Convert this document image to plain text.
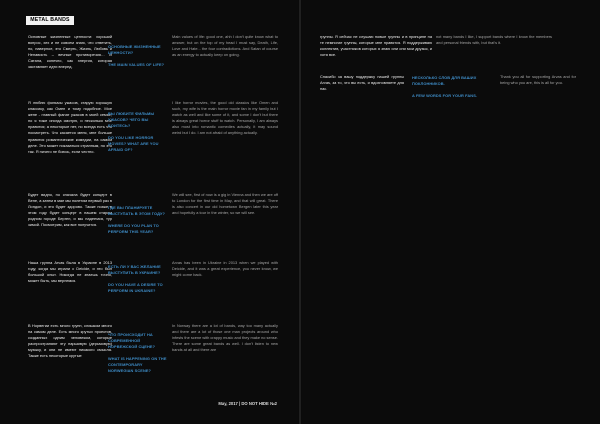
METAL BANDS
Основные жизненные ценности: хороший вопрос, хех и не совсем знаю, что ответить, но, наверное, это Смерть, Жизнь, Любовь и Ненависть – вечные противоречия… И Сатана, конечно, как энергия, которая заставляет идти вперед.
ОСНОВНЫЕ ЖИЗНЕННЫЕ ЦЕННОСТИ?
THE MAIN VALUES OF LIFE?
Main values of life: good one, ahh I don't quite know what to answer, but on the top of my head I must say, Death, Life, Love and Hate... the four contradictions. And Satan of course as an energy to actually keep on going.
Я люблю фильмы ужасов, старую хорошую классику, как Омен и тому подобное. Мое жене - главный фанат ужасов в моей семье, но я тоже иногда смотрю, и несколько мне нравятся; а некоторые нет, но всегда есть что посмотреть. Что касается меня, мне больше нравятся романтические комедии, на самом деле. Это может показаться странным, но это так. Я ничего не боюсь, если честно.
ВЫ ЛЮБИТЕ ФИЛЬМЫ УЖАСОВ? ЧЕГО ВЫ БОИТЕСЬ?
DO YOU LIKE HORROR MOVIES? WHAT ARE YOU AFRAID OF?
I like horror movies, the good old classics like Omen and such, my wife is the main horror movie fan in my family but I watch as well and like some of it, and some I don't but there is always great horror stuff to watch. Personally, I am always also most into romantic comedies actually, it may sound weird but I do. I am not afraid of anything actually.
Будет видно, но сначала будет концерт в Вене, а затем в мае мы полетим первый раз в Лондон, и это будет здорово. Также позже в этом году будет концерт в нашем старом родном городе Берген, и мы надеемся, тур зимой. Посмотрим, как все получится.
ГДЕ ВЫ ПЛАНИРУЕТЕ ВЫСТУПАТЬ В ЭТОМ ГОДУ?
WHERE DO YOU PLAN TO PERFORM THIS YEAR?
We will see, first of now is a gig in Vienna and then we are off to London for the first time in May, and that will great. There is also concert in our old hometown Bergen later this year and hopefully a tour in the winter, so we will see.
Наша группа Arvas была в Украине в 2013 году, когда мы играли с Deicide, и это был большой опыт. Никогда не знаешь точно, может быть, мы вернемся.
ЕСТЬ ЛИ У ВАС ЖЕЛАНИЕ ВЫСТУПИТЬ В УКРАИНЕ?
DO YOU HAVE A DESIRE TO PERFORM IN UKRAINE?
Arvas has been in Ukraine in 2013 when we played with Deicide, and it was a great experience, you never know, we might come back.
В Норвегии есть много групп, слишком много на самом деле. Есть много крутых проектов, созданных одним человеком, которые распространяют эту паршивую (дерьмовую) музыку, и они не имеют никакого смысла. Также есть некоторые крутые
ЧТО ПРОИСХОДИТ НА СОВРЕМЕННОЙ НОРВЕЖСКОЙ СЦЕНЕ?
WHAT IS HAPPENING ON THE CONTEMPORARY NORWEGIAN SCENE?
In Norway there are a lot of bands, way too many actually and there are a lot of those one man projects around who infests the scene with crappy music and they make no sense. There are some great bands as well. I don't listen to new bands at all and there are
May, 2017 | DO NOT HIDE №2
группы. Я сейчас не слушаю новые группы и в принципе на те немногие группы, которые мне нравятся. Я поддерживаю коллектив, участников которых я знаю или они мои друзья, и хотя все.
not many bands I like, I support bands where I know the members and personal friends with, but that's it.
Спасибо за вашу поддержку нашей группы Arvas, за то, что вы есть, и вдохновляете для нас.
НЕСКОЛЬКО СЛОВ ДЛЯ ВАШИХ ПОКЛОННИКОВ.
A FEW WORDS FOR YOUR FANS.
Thank you all for supporting Arvas and for being who you are, this is all for you.
